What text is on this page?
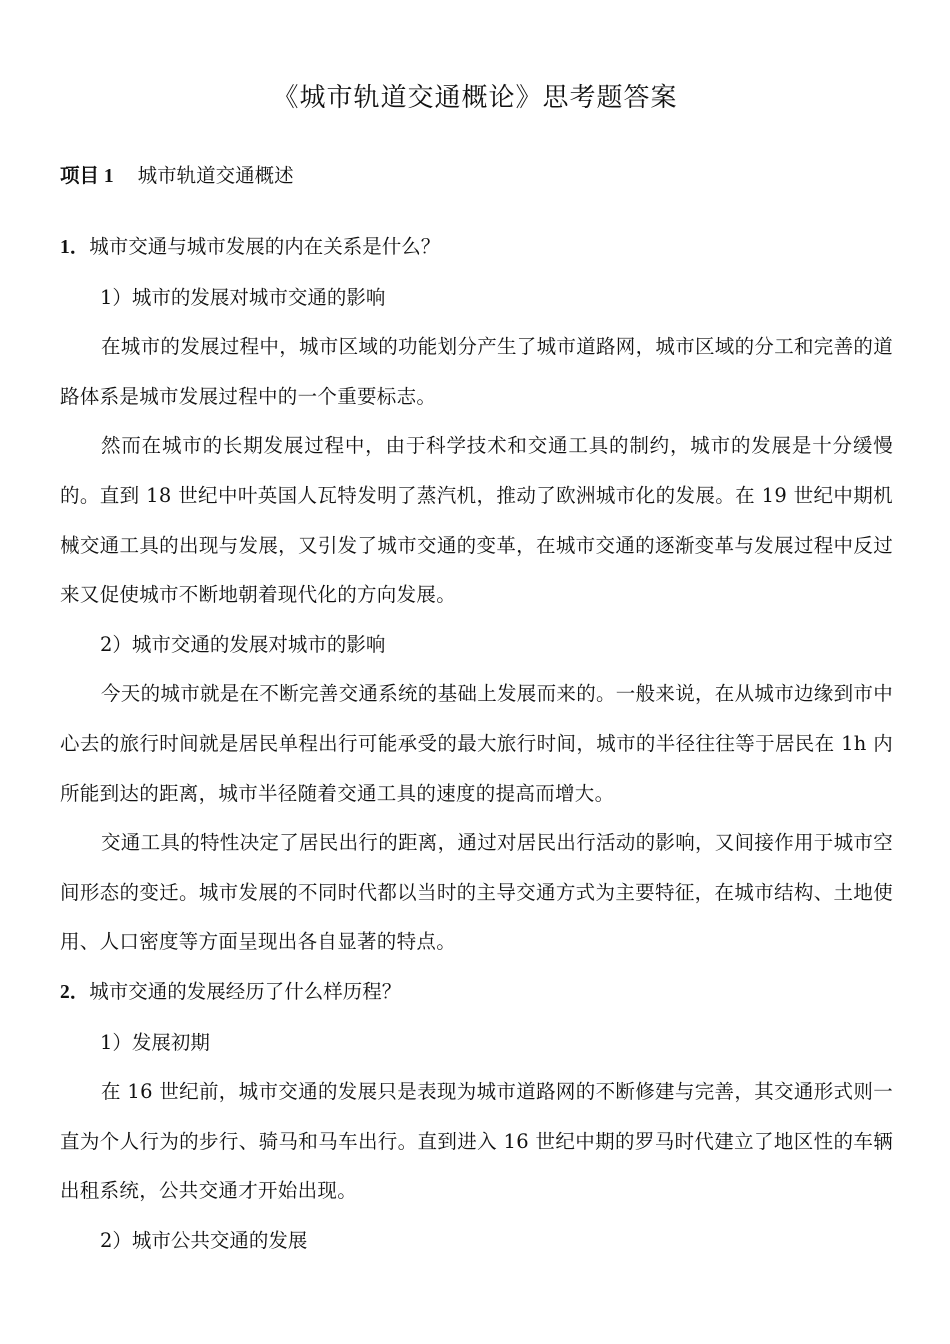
《城市轨道交通概论》思考题答案
项目 1 城市轨道交通概述

1．城市交通与城市发展的内在关系是什么？

1）城市的发展对城市交通的影响

在城市的发展过程中，城市区域的功能划分产生了城市道路网，城市区域的分工和完善的道路体系是城市发展过程中的一个重要标志。

然而在城市的长期发展过程中，由于科学技术和交通工具的制约，城市的发展是十分缓慢的。直到 18 世纪中叶英国人瓦特发明了蒸汽机，推动了欧洲城市化的发展。在 19 世纪中期机械交通工具的出现与发展，又引发了城市交通的变革，在城市交通的逐渐变革与发展过程中反过来又促使城市不断地朝着现代化的方向发展。

2）城市交通的发展对城市的影响

今天的城市就是在不断完善交通系统的基础上发展而来的。一般来说，在从城市边缘到市中心去的旅行时间就是居民单程出行可能承受的最大旅行时间，城市的半径往往等于居民在 1h 内所能到达的距离，城市半径随着交通工具的速度的提高而增大。

交通工具的特性决定了居民出行的距离，通过对居民出行活动的影响，又间接作用于城市空间形态的变迁。城市发展的不同时代都以当时的主导交通方式为主要特征，在城市结构、土地使用、人口密度等方面呈现出各自显著的特点。

2．城市交通的发展经历了什么样历程？

1）发展初期

在 16 世纪前，城市交通的发展只是表现为城市道路网的不断修建与完善，其交通形式则一直为个人行为的步行、骑马和马车出行。直到进入 16 世纪中期的罗马时代建立了地区性的车辆出租系统，公共交通才开始出现。

2）城市公共交通的发展
